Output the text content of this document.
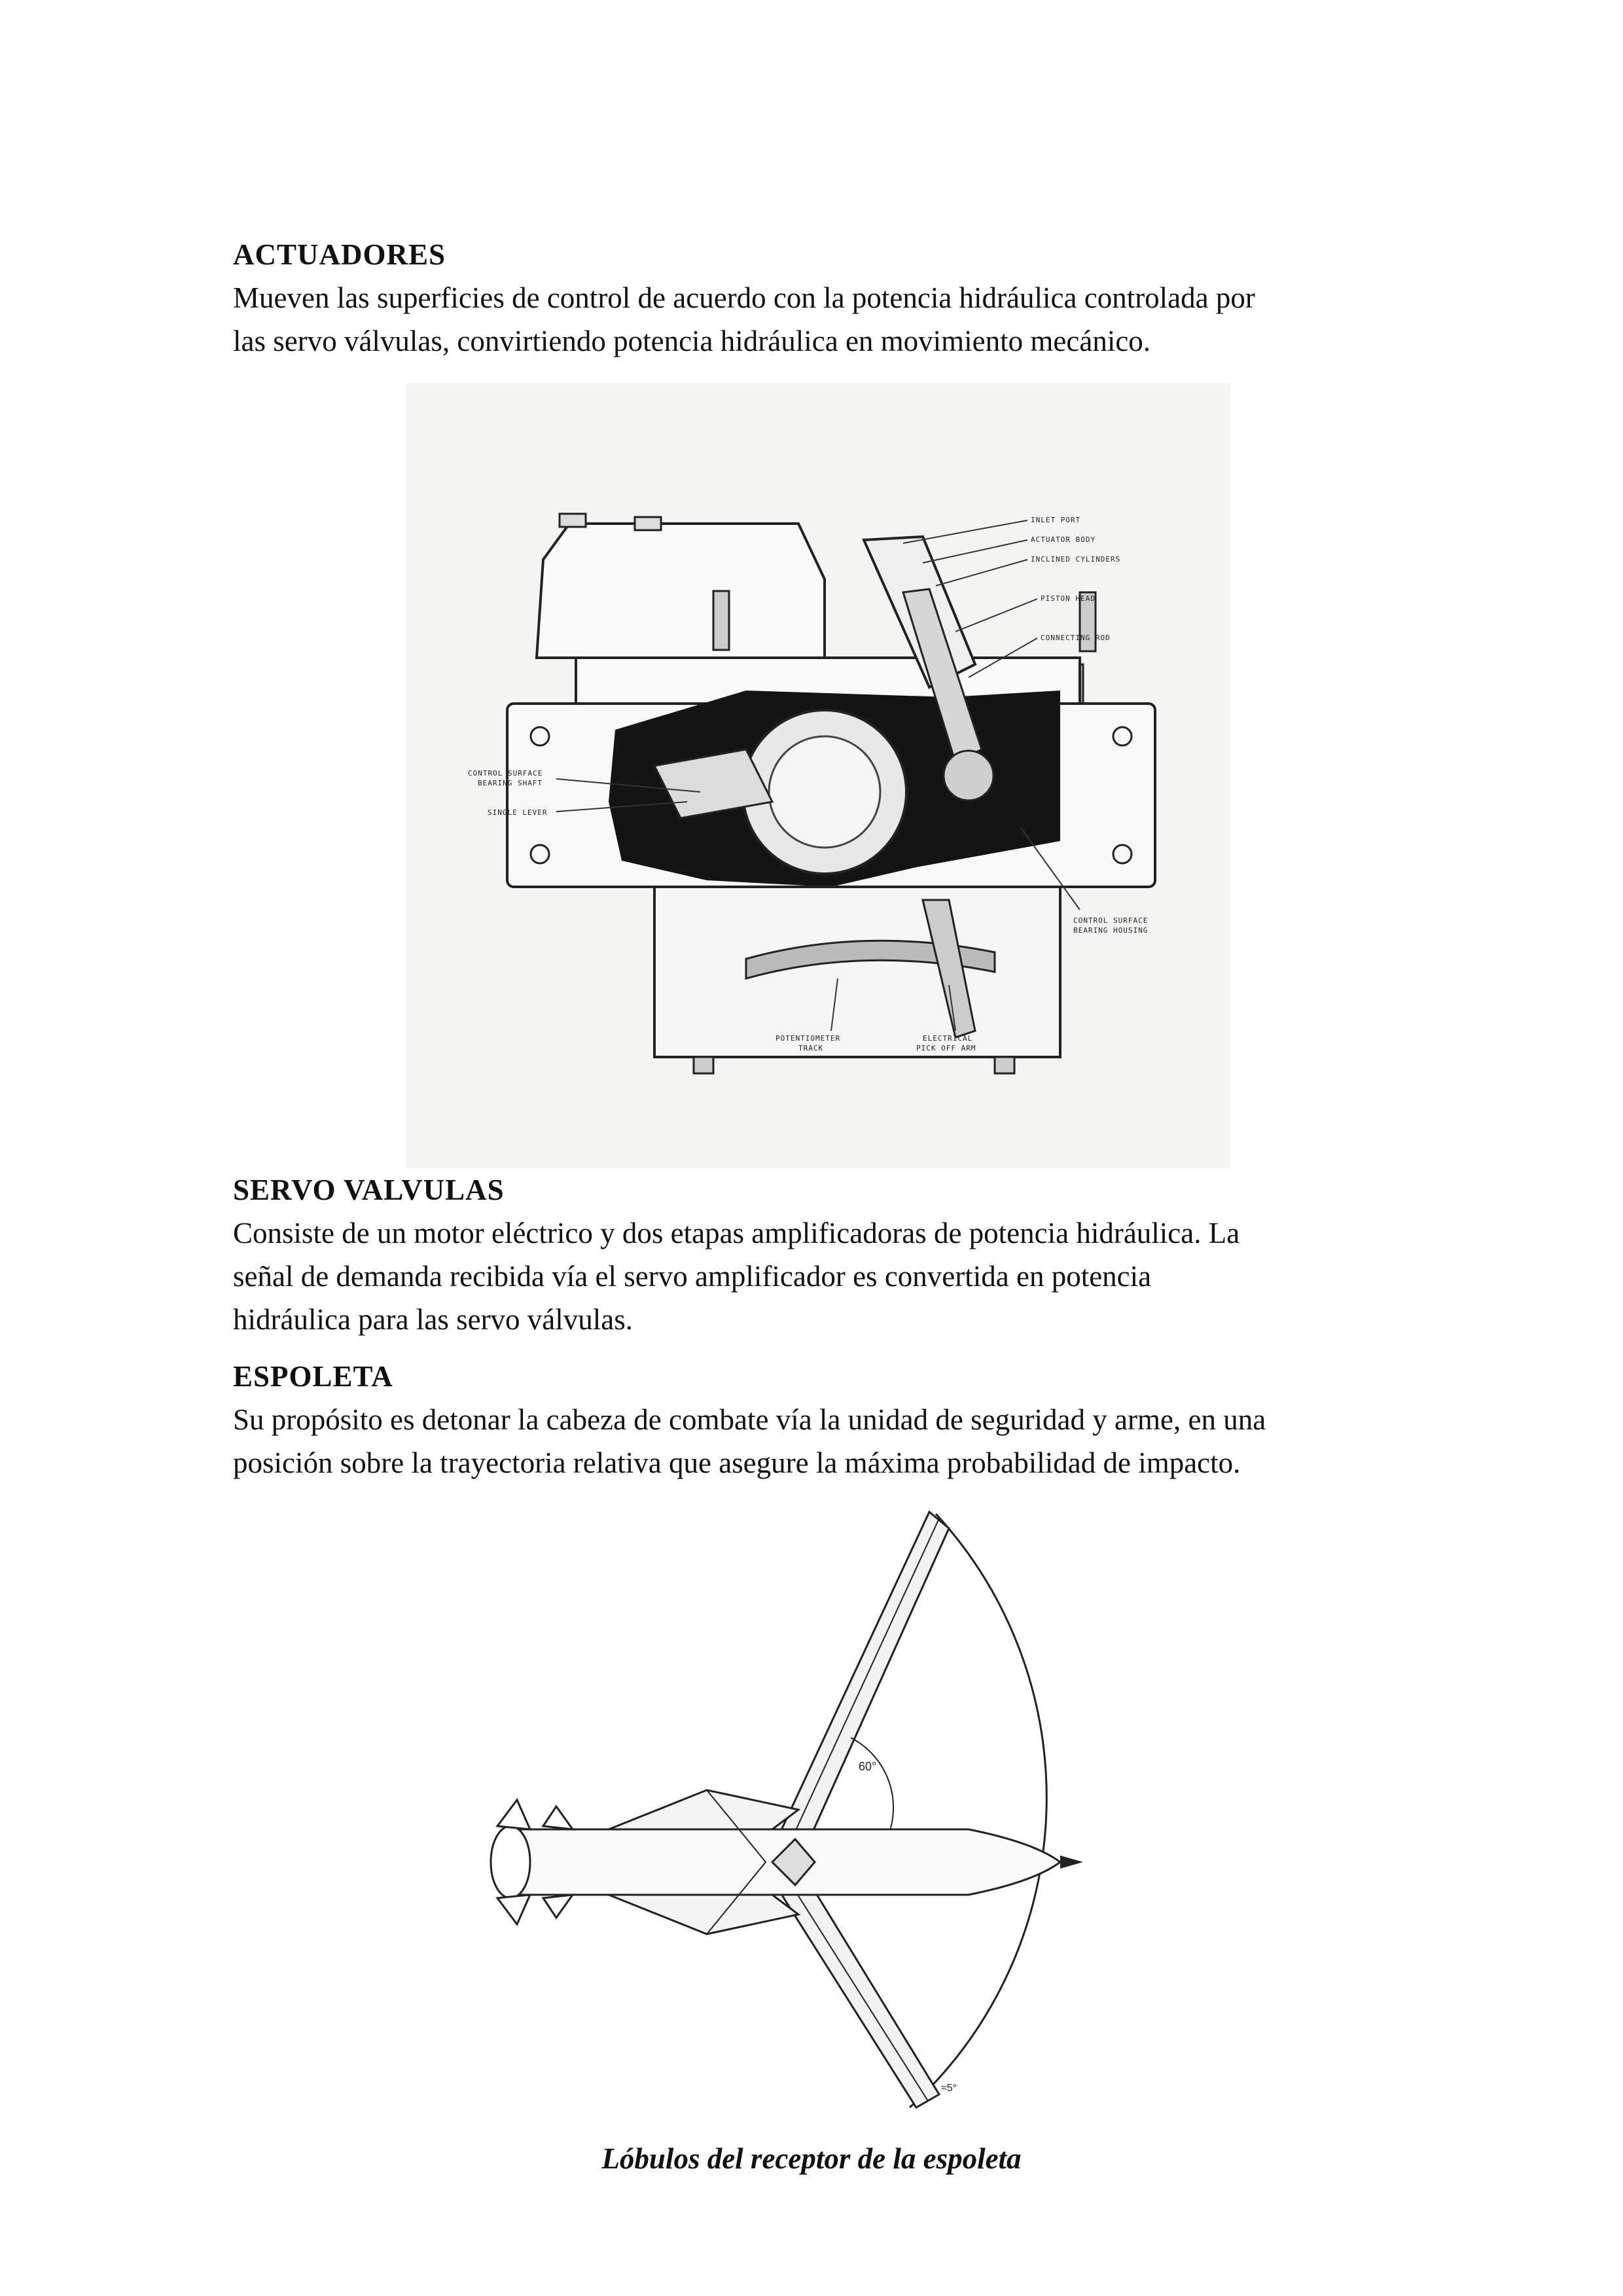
ACTUADORES

Mueven las superficies de control de acuerdo con la potencia hidráulica controlada por

las servo válvulas, convirtiendo potencia hidráulica en movimiento mecánico.

INLET PORT
ACTUATOR BODY
INCLINED CYLINDERS
PISTON HEAD
CONNECTING ROD
CONTROL SURFACE
BEARING SHAFT
SINGLE LEVER
CONTROL SURFACE
BEARING HOUSING
POTENTIOMETER
TRACK
ELECTRICAL
PICK OFF ARM
SERVO VALVULAS

Consiste de un motor eléctrico y dos etapas amplificadoras de potencia hidráulica. La

señal de demanda recibida vía el servo amplificador es convertida en potencia

hidráulica para las servo válvulas.

ESPOLETA

Su propósito es detonar la cabeza de combate vía la unidad de seguridad y arme, en una

posición sobre la trayectoria relativa que asegure la máxima probabilidad de impacto.

60°
≈5°
Lóbulos del receptor de la espoleta
